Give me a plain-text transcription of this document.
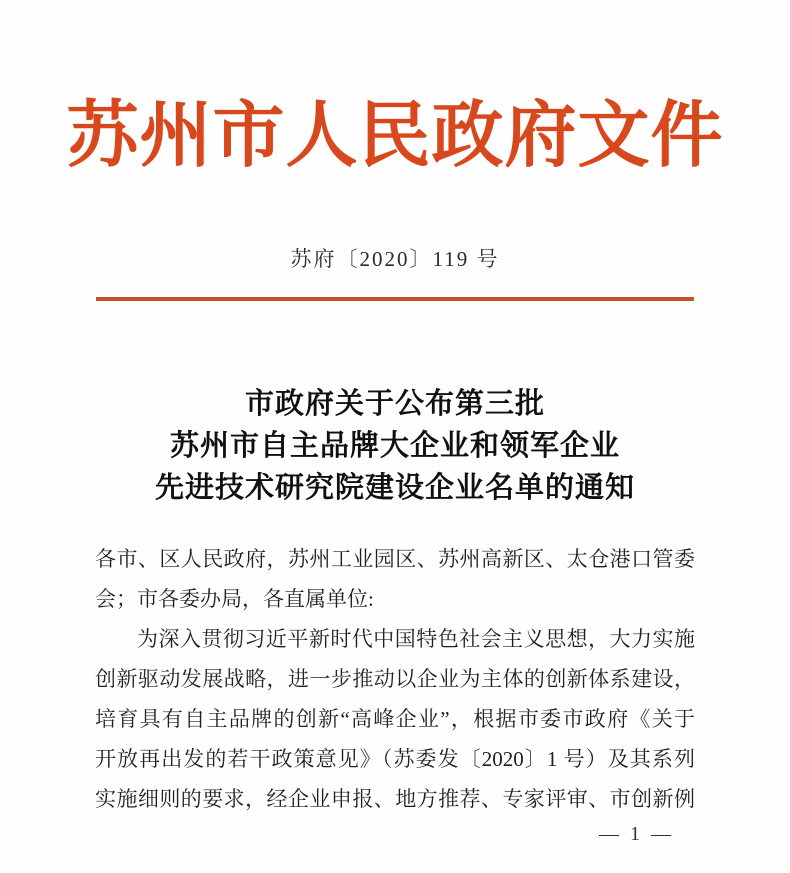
苏州市人民政府文件
苏府〔2020〕119 号
市政府关于公布第三批
苏州市自主品牌大企业和领军企业
先进技术研究院建设企业名单的通知

各市、区人民政府，苏州工业园区、苏州高新区、太仓港口管委

会；市各委办局，各直属单位:

为深入贯彻习近平新时代中国特色社会主义思想，大力实施

创新驱动发展战略，进一步推动以企业为主体的创新体系建设，

培育具有自主品牌的创新“高峰企业”，根据市委市政府《关于

开放再出发的若干政策意见》（苏委发〔2020〕1 号）及其系列

实施细则的要求，经企业申报、地方推荐、专家评审、市创新例

— 1 —
